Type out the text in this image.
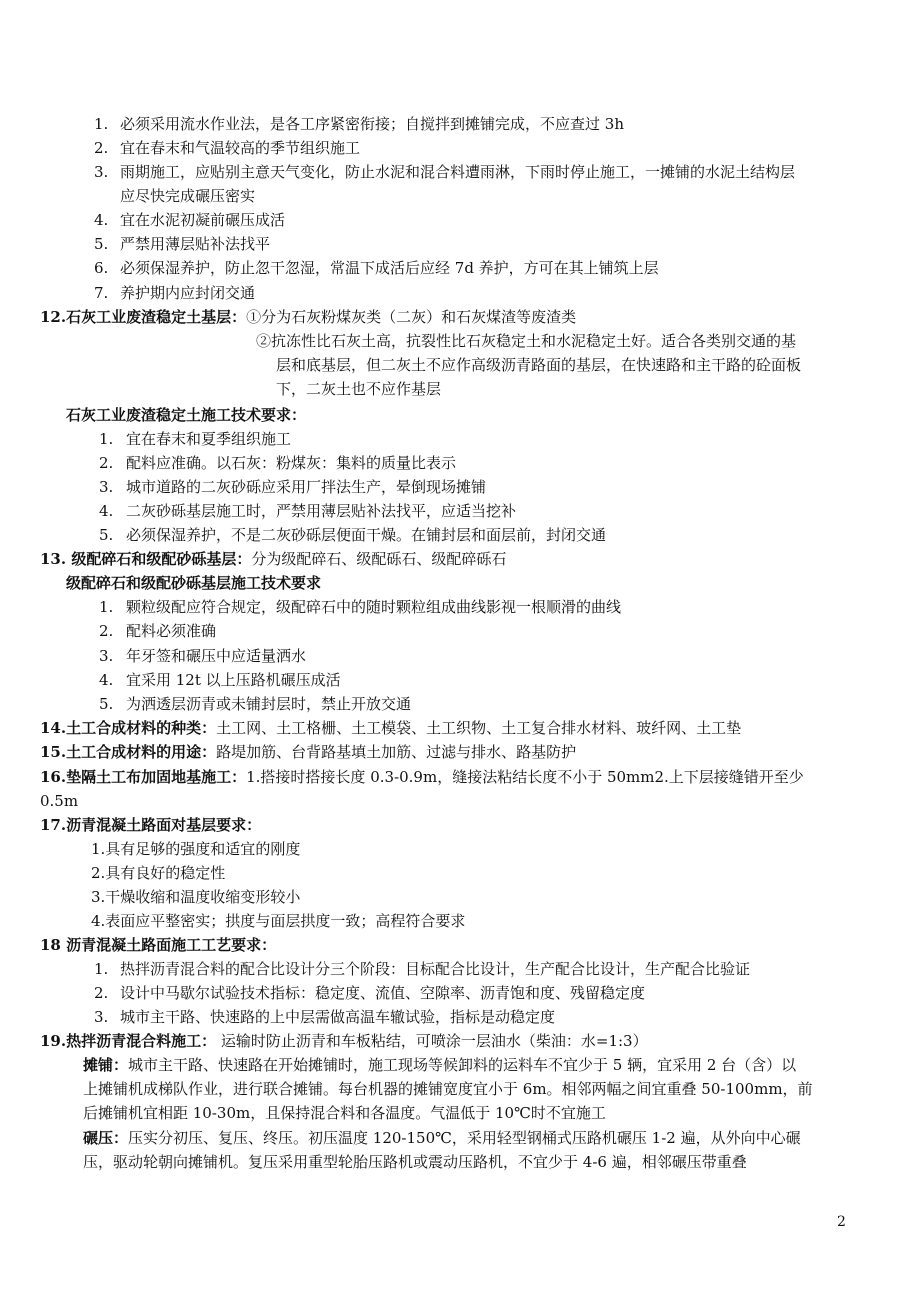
1. 必须采用流水作业法，是各工序紧密衔接；自搅拌到摊铺完成，不应查过 3h
2. 宜在春末和气温较高的季节组织施工
3. 雨期施工，应贴别主意天气变化，防止水泥和混合料遭雨淋，下雨时停止施工，一摊铺的水泥土结构层
应尽快完成碾压密实
4. 宜在水泥初凝前碾压成活
5. 严禁用薄层贴补法找平
6. 必须保湿养护，防止忽干忽湿，常温下成活后应经 7d 养护，方可在其上铺筑上层
7. 养护期内应封闭交通
12.石灰工业废渣稳定土基层：①分为石灰粉煤灰类（二灰）和石灰煤渣等废渣类
②抗冻性比石灰土高，抗裂性比石灰稳定土和水泥稳定土好。适合各类别交通的基
层和底基层，但二灰土不应作高级沥青路面的基层，在快速路和主干路的砼面板
下，二灰土也不应作基层
石灰工业废渣稳定土施工技术要求：
1. 宜在春末和夏季组织施工
2. 配料应准确。以石灰：粉煤灰：集料的质量比表示
3. 城市道路的二灰砂砾应采用厂拌法生产，晕倒现场摊铺
4. 二灰砂砾基层施工时，严禁用薄层贴补法找平，应适当挖补
5. 必须保湿养护，不是二灰砂砾层便面干燥。在铺封层和面层前，封闭交通
13. 级配碎石和级配砂砾基层：分为级配碎石、级配砾石、级配碎砾石
级配碎石和级配砂砾基层施工技术要求
1. 颗粒级配应符合规定，级配碎石中的随时颗粒组成曲线影视一根顺滑的曲线
2. 配料必须准确
3. 年牙签和碾压中应适量洒水
4. 宜采用 12t 以上压路机碾压成活
5. 为洒透层沥青或未铺封层时，禁止开放交通
14.土工合成材料的种类：土工网、土工格栅、土工模袋、土工织物、土工复合排水材料、玻纤网、土工垫
15.土工合成材料的用途：路堤加筋、台背路基填土加筋、过滤与排水、路基防护
16.垫隔土工布加固地基施工：1.搭接时搭接长度 0.3-0.9m，缝接法粘结长度不小于 50mm2.上下层接缝错开至少
0.5m
17.沥青混凝土路面对基层要求：
1.具有足够的强度和适宜的刚度
2.具有良好的稳定性
3.干燥收缩和温度收缩变形较小
4.表面应平整密实；拱度与面层拱度一致；高程符合要求
18 沥青混凝土路面施工工艺要求：
1. 热拌沥青混合料的配合比设计分三个阶段：目标配合比设计，生产配合比设计，生产配合比验证
2. 设计中马歇尔试验技术指标：稳定度、流值、空隙率、沥青饱和度、残留稳定度
3. 城市主干路、快速路的上中层需做高温车辙试验，指标是动稳定度
19.热拌沥青混合料施工： 运输时防止沥青和车板粘结，可喷涂一层油水（柴油：水=1:3）
摊铺：城市主干路、快速路在开始摊铺时，施工现场等候卸料的运料车不宜少于 5 辆，宜采用 2 台（含）以
上摊铺机成梯队作业，进行联合摊铺。每台机器的摊铺宽度宜小于 6m。相邻两幅之间宜重叠 50-100mm，前
后摊铺机宜相距 10-30m，且保持混合料和各温度。气温低于 10℃时不宜施工
碾压：压实分初压、复压、终压。初压温度 120-150℃，采用轻型钢桶式压路机碾压 1-2 遍，从外向中心碾
压，驱动轮朝向摊铺机。复压采用重型轮胎压路机或震动压路机，不宜少于 4-6 遍，相邻碾压带重叠
2
